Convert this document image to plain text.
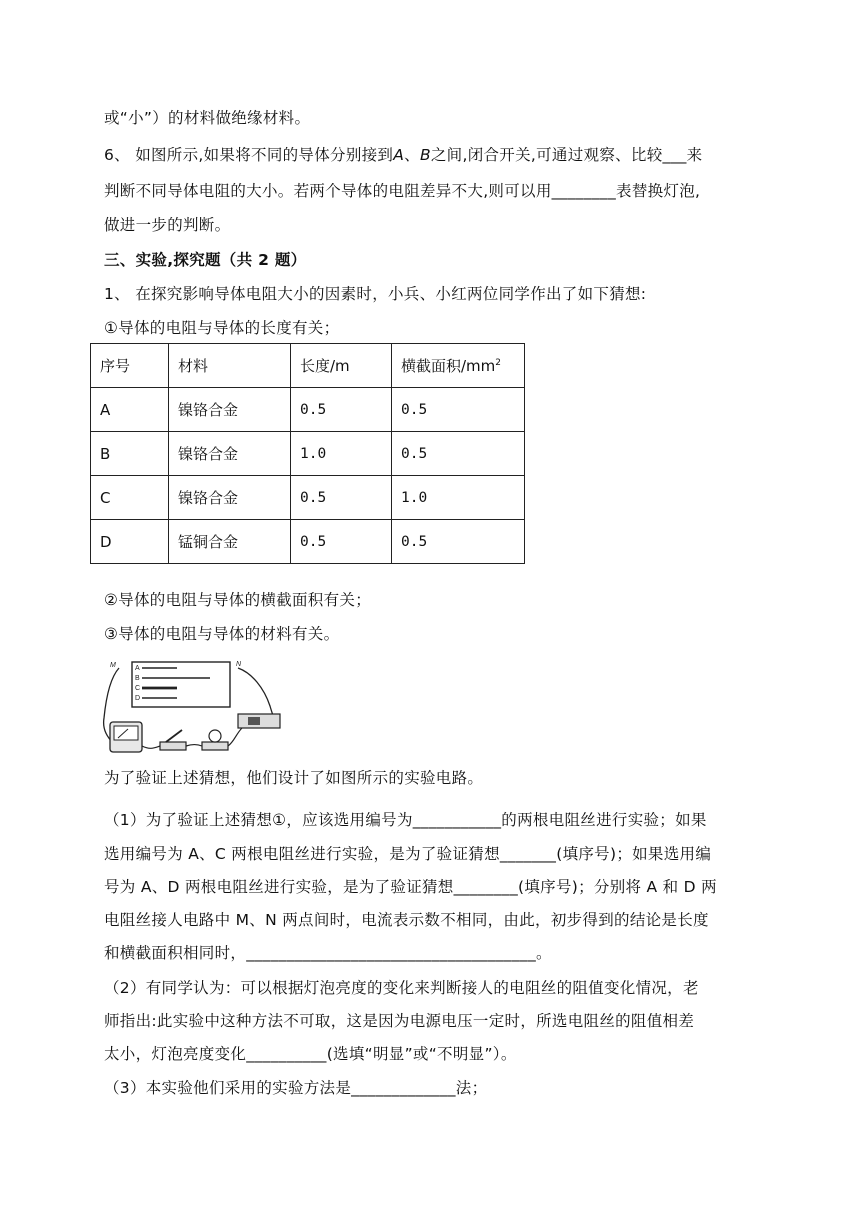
或“小”）的材料做绝缘材料。
6、 如图所示,如果将不同的导体分别接到A、B之间,闭合开关,可通过观察、比较___来
判断不同导体电阻的大小。若两个导体的电阻差异不大,则可以用________表替换灯泡,
做进一步的判断。
三、实验,探究题（共 2 题）
1、 在探究影响导体电阻大小的因素时，小兵、小红两位同学作出了如下猜想:
①导体的电阻与导体的长度有关；
序号	材料	长度/m	横截面积$/mm^2$
A	镍铬合金	0.5	0.5
B	镍铬合金	1.0	0.5
C	镍铬合金	0.5	1.0
D	锰铜合金	0.5	0.5
②导体的电阻与导体的横截面积有关；
③导体的电阻与导体的材料有关。
A
B
C
D
M	N
为了验证上述猜想，他们设计了如图所示的实验电路。
（1）为了验证上述猜想①，应该选用编号为___________的两根电阻丝进行实验；如果
选用编号为 A、C 两根电阻丝进行实验，是为了验证猜想_______(填序号)；如果选用编
号为 A、D 两根电阻丝进行实验，是为了验证猜想________(填序号)；分别将 A 和 D 两
电阻丝接人电路中 M、N 两点间时，电流表示数不相同，由此，初步得到的结论是长度
和横截面积相同时，____________________________________。
（2）有同学认为：可以根据灯泡亮度的变化来判断接人的电阻丝的阻值变化情况，老
师指出:此实验中这种方法不可取，这是因为电源电压一定时，所选电阻丝的阻值相差
太小，灯泡亮度变化__________(选填“明显”或“不明显”）。
（3）本实验他们采用的实验方法是_____________法；
